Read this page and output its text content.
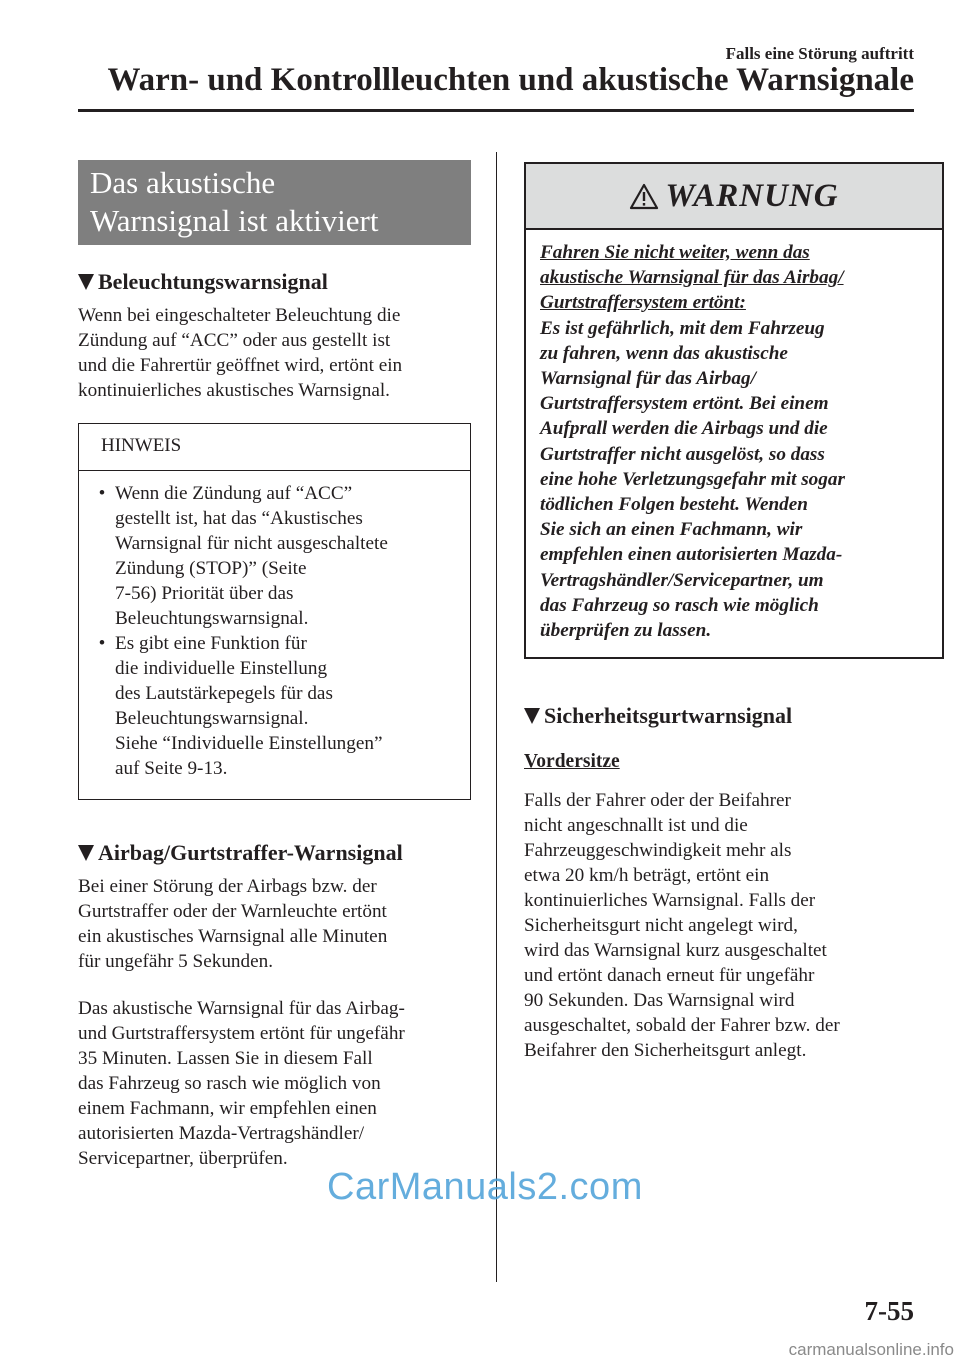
Falls eine Störung auftritt
Warn- und Kontrollleuchten und akustische Warnsignale
Das akustische
Warnsignal ist aktiviert
Beleuchtungswarnsignal
Wenn bei eingeschalteter Beleuchtung die
Zündung auf “ACC” oder aus gestellt ist
und die Fahrertür geöffnet wird, ertönt ein
kontinuierliches akustisches Warnsignal.
HINWEIS
• Wenn die Zündung auf “ACC”
gestellt ist, hat das “Akustisches
Warnsignal für nicht ausgeschaltete
Zündung (STOP)” (Seite
7-56) Priorität über das
Beleuchtungswarnsignal.
• Es gibt eine Funktion für
die individuelle Einstellung
des Lautstärkepegels für das
Beleuchtungswarnsignal.
Siehe “Individuelle Einstellungen”
auf Seite 9-13.
Airbag/Gurtstraffer-Warnsignal
Bei einer Störung der Airbags bzw. der
Gurtstraffer oder der Warnleuchte ertönt
ein akustisches Warnsignal alle Minuten
für ungefähr 5 Sekunden.
Das akustische Warnsignal für das Airbag-
und Gurtstraffersystem ertönt für ungefähr
35 Minuten. Lassen Sie in diesem Fall
das Fahrzeug so rasch wie möglich von
einem Fachmann, wir empfehlen einen
autorisierten Mazda-Vertragshändler/
Servicepartner, überprüfen.
WARNUNG
Fahren Sie nicht weiter, wenn das
akustische Warnsignal für das Airbag/
Gurtstraffersystem ertönt:
Es ist gefährlich, mit dem Fahrzeug
zu fahren, wenn das akustische
Warnsignal für das Airbag/
Gurtstraffersystem ertönt. Bei einem
Aufprall werden die Airbags und die
Gurtstraffer nicht ausgelöst, so dass
eine hohe Verletzungsgefahr mit sogar
tödlichen Folgen besteht. Wenden
Sie sich an einen Fachmann, wir
empfehlen einen autorisierten Mazda-
Vertragshändler/Servicepartner, um
das Fahrzeug so rasch wie möglich
überprüfen zu lassen.
Sicherheitsgurtwarnsignal
Vordersitze
Falls der Fahrer oder der Beifahrer
nicht angeschnallt ist und die
Fahrzeuggeschwindigkeit mehr als
etwa 20 km/h beträgt, ertönt ein
kontinuierliches Warnsignal. Falls der
Sicherheitsgurt nicht angelegt wird,
wird das Warnsignal kurz ausgeschaltet
und ertönt danach erneut für ungefähr
90 Sekunden. Das Warnsignal wird
ausgeschaltet, sobald der Fahrer bzw. der
Beifahrer den Sicherheitsgurt anlegt.
CarManuals2.com
7-55
carmanualsonline.info
